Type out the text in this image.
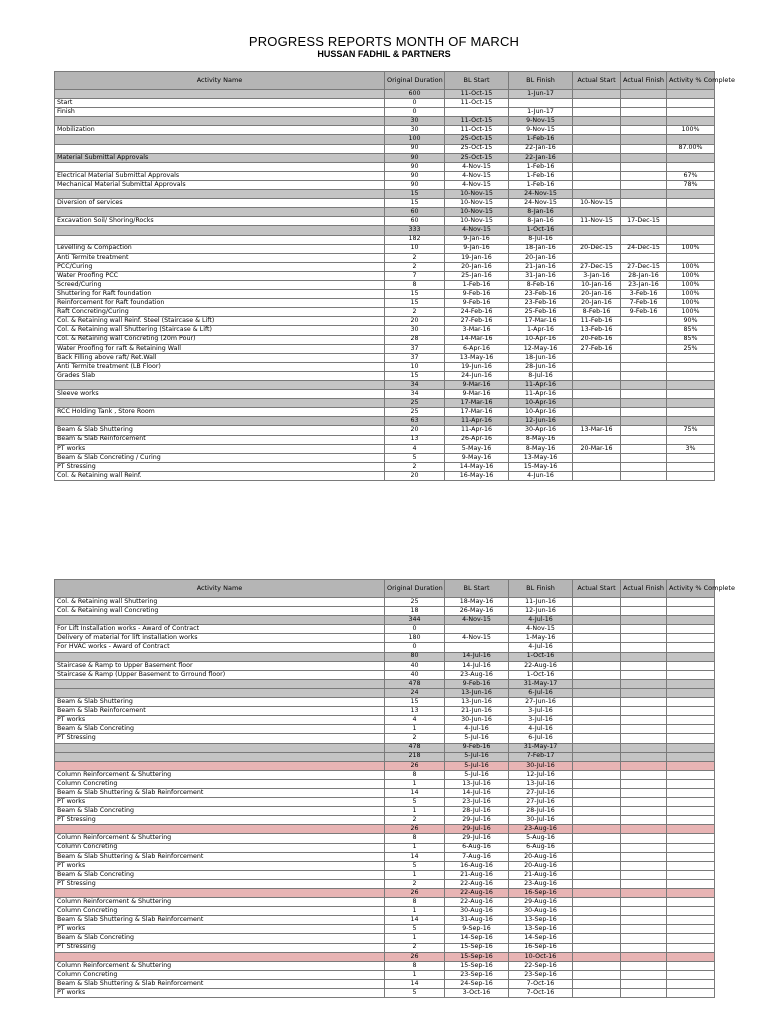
PROGRESS REPORTS MONTH OF MARCH
HUSSAN FADHIL & PARTNERS
Activity Name	Original Duration	BL Start	BL Finish	Actual Start	Actual Finish	Activity % Complete
	600	11-Oct-15	1-Jun-17			
Start	0	11-Oct-15				
Finish	0		1-Jun-17			
	30	11-Oct-15	9-Nov-15			
Mobilization	30	11-Oct-15	9-Nov-15			100%
	100	25-Oct-15	1-Feb-16			
	90	25-Oct-15	22-Jan-16			87.00%
Material Submittal Approvals	90	25-Oct-15	22-Jan-16			
	90	4-Nov-15	1-Feb-16			
Electrical Material Submittal Approvals	90	4-Nov-15	1-Feb-16			67%
Mechanical Material Submittal Approvals	90	4-Nov-15	1-Feb-16			78%
	15	10-Nov-15	24-Nov-15			
Diversion of services	15	10-Nov-15	24-Nov-15	10-Nov-15		
	60	10-Nov-15	8-Jan-16			
Excavation Soil/ Shoring/Rocks	60	10-Nov-15	8-Jan-16	11-Nov-15	17-Dec-15	
	333	4-Nov-15	1-Oct-16			
	182	9-Jan-16	8-Jul-16			
Levelling & Compaction	10	9-Jan-16	18-Jan-16	20-Dec-15	24-Dec-15	100%
Anti Termite treatment	2	19-Jan-16	20-Jan-16			
PCC/Curing	2	20-Jan-16	21-Jan-16	27-Dec-15	27-Dec-15	100%
Water Proofing PCC	7	25-Jan-16	31-Jan-16	3-Jan-16	28-Jan-16	100%
Screed/Curing	8	1-Feb-16	8-Feb-16	10-Jan-16	23-Jan-16	100%
Shuttering for Raft foundation	15	9-Feb-16	23-Feb-16	20-Jan-16	3-Feb-16	100%
Reinforcement for Raft foundation	15	9-Feb-16	23-Feb-16	20-Jan-16	7-Feb-16	100%
Raft Concreting/Curing	2	24-Feb-16	25-Feb-16	8-Feb-16	9-Feb-16	100%
Col. & Retaining wall Reinf. Steel (Staircase & Lift)	20	27-Feb-16	17-Mar-16	11-Feb-16		90%
Col. & Retaining wall Shuttering (Staircase & Lift)	30	3-Mar-16	1-Apr-16	13-Feb-16		85%
Col. & Retaining wall Concreting (20m Pour)	28	14-Mar-16	10-Apr-16	20-Feb-16		85%
Water Proofing for raft & Retaining Wall	37	6-Apr-16	12-May-16	27-Feb-16		25%
Back Filling above raft/ Ret.Wall	37	13-May-16	18-Jun-16			
Anti Termite treatment (LB Floor)	10	19-Jun-16	28-Jun-16			
Grades Slab	15	24-Jun-16	8-Jul-16			
	34	9-Mar-16	11-Apr-16			
Sleeve works	34	9-Mar-16	11-Apr-16			
	25	17-Mar-16	10-Apr-16			
RCC Holding Tank , Store Room	25	17-Mar-16	10-Apr-16			
	63	11-Apr-16	12-Jun-16			
Beam & Slab Shuttering	20	11-Apr-16	30-Apr-16	13-Mar-16		75%
Beam & Slab Reinforcement	13	26-Apr-16	8-May-16			
PT works	4	5-May-16	8-May-16	20-Mar-16		3%
Beam & Slab Concreting / Curing	5	9-May-16	13-May-16			
PT Stressing	2	14-May-16	15-May-16			
Col. & Retaining wall Reinf.	20	16-May-16	4-Jun-16			
Activity Name	Original Duration	BL Start	BL Finish	Actual Start	Actual Finish	Activity % Complete
Col. & Retaining wall Shuttering	25	18-May-16	11-Jun-16			
Col. & Retaining wall Concreting	18	26-May-16	12-Jun-16			
	344	4-Nov-15	4-Jul-16			
For Lift Installation works - Award of Contract	0		4-Nov-15			
Delivery of material for lift installation works	180	4-Nov-15	1-May-16			
For HVAC works - Award of Contract	0		4-Jul-16			
	80	14-Jul-16	1-Oct-16			
Staircase & Ramp to Upper Basement floor	40	14-Jul-16	22-Aug-16			
Staircase & Ramp (Upper Basement to Grround floor)	40	23-Aug-16	1-Oct-16			
	478	9-Feb-16	31-May-17			
	24	13-Jun-16	6-Jul-16			
Beam & Slab Shuttering	15	13-Jun-16	27-Jun-16			
Beam & Slab Reinforcement	13	21-Jun-16	3-Jul-16			
PT works	4	30-Jun-16	3-Jul-16			
Beam & Slab Concreting	1	4-Jul-16	4-Jul-16			
PT Stressing	2	5-Jul-16	6-Jul-16			
	478	9-Feb-16	31-May-17			
	218	5-Jul-16	7-Feb-17			
	26	5-Jul-16	30-Jul-16			
Column Reinforcement & Shuttering	8	5-Jul-16	12-Jul-16			
Column Concreting	1	13-Jul-16	13-Jul-16			
Beam & Slab Shuttering & Slab Reinforcement	14	14-Jul-16	27-Jul-16			
PT works	5	23-Jul-16	27-Jul-16			
Beam & Slab Concreting	1	28-Jul-16	28-Jul-16			
PT Stressing	2	29-Jul-16	30-Jul-16			
	26	29-Jul-16	23-Aug-16			
Column Reinforcement & Shuttering	8	29-Jul-16	5-Aug-16			
Column Concreting	1	6-Aug-16	6-Aug-16			
Beam & Slab Shuttering & Slab Reinforcement	14	7-Aug-16	20-Aug-16			
PT works	5	16-Aug-16	20-Aug-16			
Beam & Slab Concreting	1	21-Aug-16	21-Aug-16			
PT Stressing	2	22-Aug-16	23-Aug-16			
	26	22-Aug-16	16-Sep-16			
Column Reinforcement & Shuttering	8	22-Aug-16	29-Aug-16			
Column Concreting	1	30-Aug-16	30-Aug-16			
Beam & Slab Shuttering & Slab Reinforcement	14	31-Aug-16	13-Sep-16			
PT works	5	9-Sep-16	13-Sep-16			
Beam & Slab Concreting	1	14-Sep-16	14-Sep-16			
PT Stressing	2	15-Sep-16	16-Sep-16			
	26	15-Sep-16	10-Oct-16			
Column Reinforcement & Shuttering	8	15-Sep-16	22-Sep-16			
Column Concreting	1	23-Sep-16	23-Sep-16			
Beam & Slab Shuttering & Slab Reinforcement	14	24-Sep-16	7-Oct-16			
PT works	5	3-Oct-16	7-Oct-16			
